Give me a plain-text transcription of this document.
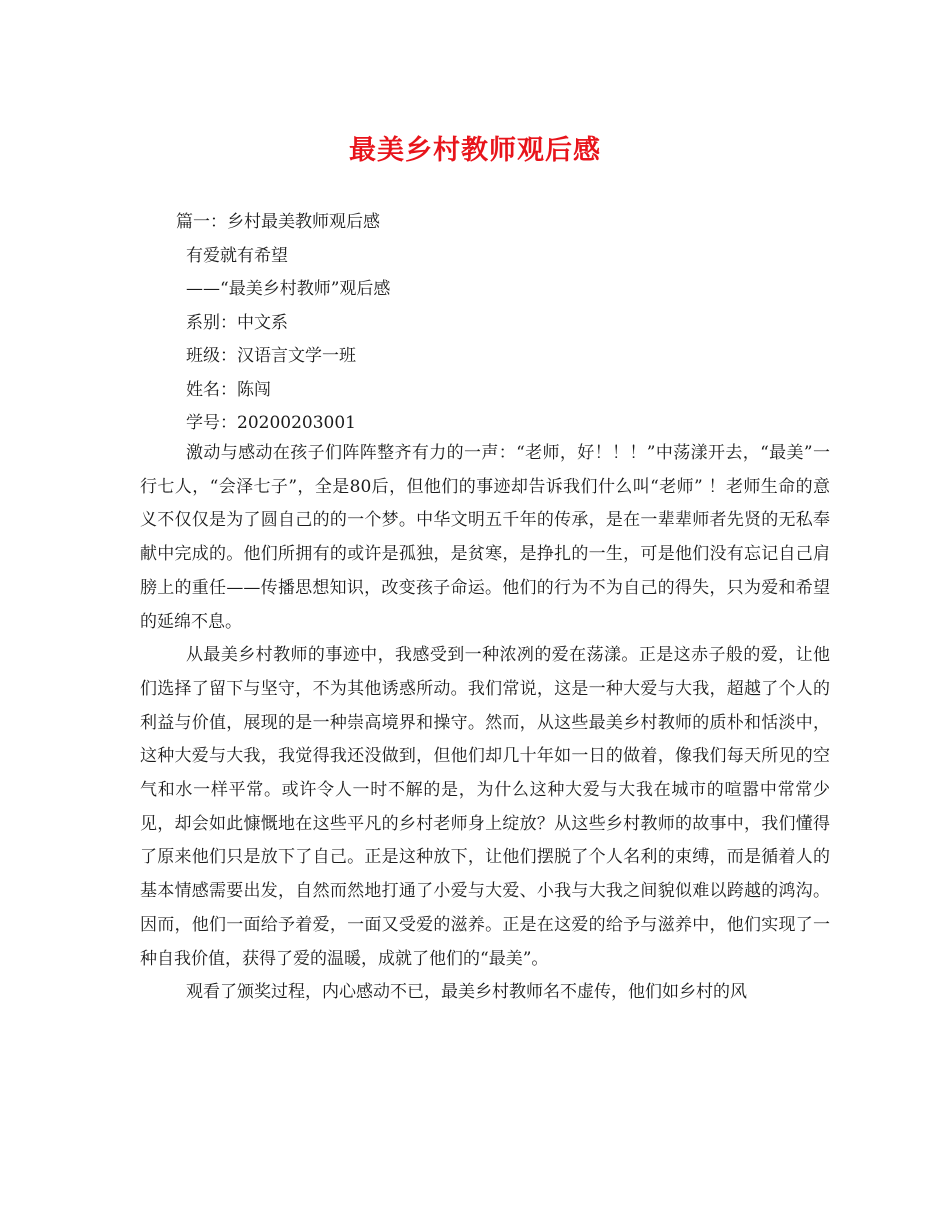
最美乡村教师观后感
篇一：乡村最美教师观后感
有爱就有希望
——“最美乡村教师”观后感
系别：中文系
班级：汉语言文学一班
姓名：陈闯
学号：20200203001

激动与感动在孩子们阵阵整齐有力的一声：“老师，好！！！”中荡漾开去，“最美”一行七人，“会泽七子”，全是80后，但他们的事迹却告诉我们什么叫“老师” ！老师生命的意义不仅仅是为了圆自己的的一个梦。中华文明五千年的传承，是在一辈辈师者先贤的无私奉献中完成的。他们所拥有的或许是孤独，是贫寒，是挣扎的一生，可是他们没有忘记自己肩膀上的重任——传播思想知识，改变孩子命运。他们的行为不为自己的得失，只为爱和希望的延绵不息。

从最美乡村教师的事迹中，我感受到一种浓冽的爱在荡漾。正是这赤子般的爱，让他们选择了留下与坚守，不为其他诱惑所动。我们常说，这是一种大爱与大我，超越了个人的利益与价值，展现的是一种崇高境界和操守。然而，从这些最美乡村教师的质朴和恬淡中，这种大爱与大我，我觉得我还没做到，但他们却几十年如一日的做着，像我们每天所见的空气和水一样平常。或许令人一时不解的是，为什么这种大爱与大我在城市的喧嚣中常常少见，却会如此慷慨地在这些平凡的乡村老师身上绽放？从这些乡村教师的故事中，我们懂得了原来他们只是放下了自己。正是这种放下，让他们摆脱了个人名利的束缚，而是循着人的基本情感需要出发，自然而然地打通了小爱与大爱、小我与大我之间貌似难以跨越的鸿沟。因而，他们一面给予着爱，一面又受爱的滋养。正是在这爱的给予与滋养中，他们实现了一种自我价值，获得了爱的温暖，成就了他们的“最美”。

观看了颁奖过程，内心感动不已，最美乡村教师名不虚传，他们如乡村的风
